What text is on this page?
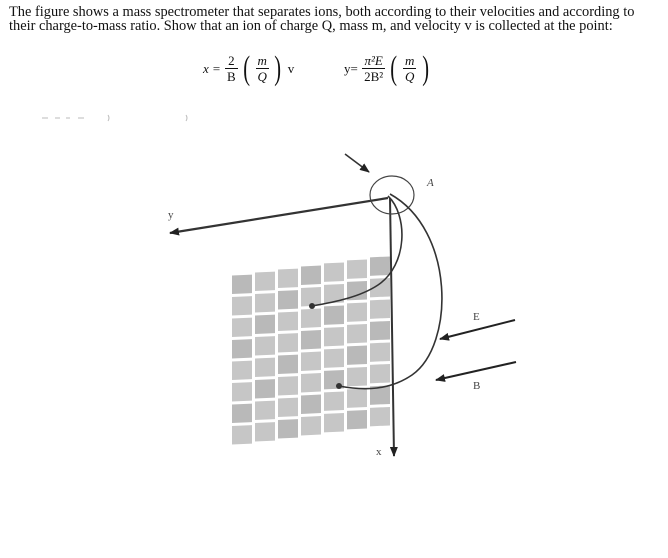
The figure shows a mass spectrometer that separates ions, both according to their velocities and according to their charge-to-mass ratio. Show that an ion of charge Q, mass m, and velocity v is collected at the point:
$x = \frac{2}{B}$ ( $\frac{m}{Q}$ ) v	$y= \frac{\text{π²E}}{\text{2B²}}$ ( $\frac{m}{Q}$ )
y
x
A
E
B
